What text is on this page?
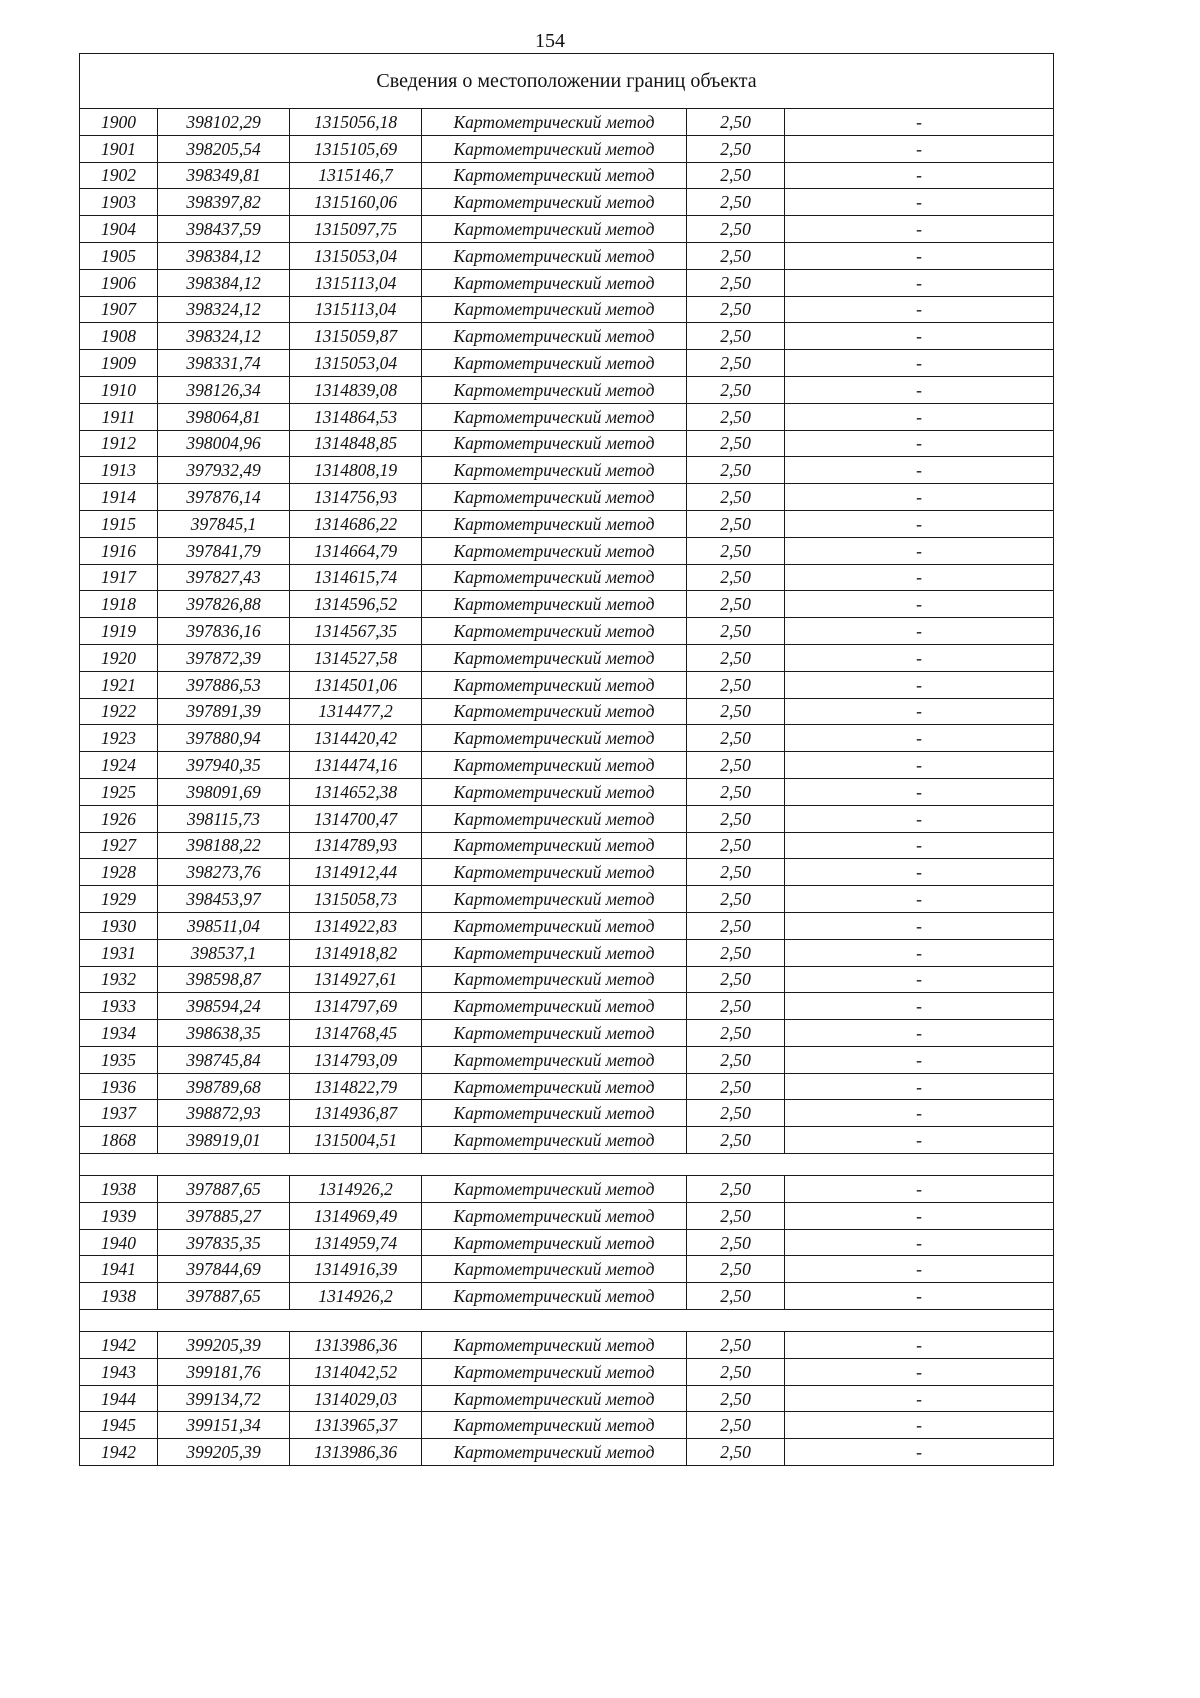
154
Сведения о местоположении границ объекта					
1900	398102,29	1315056,18	Картометрический метод	2,50	-
1901	398205,54	1315105,69	Картометрический метод	2,50	-
1902	398349,81	1315146,7	Картометрический метод	2,50	-
1903	398397,82	1315160,06	Картометрический метод	2,50	-
1904	398437,59	1315097,75	Картометрический метод	2,50	-
1905	398384,12	1315053,04	Картометрический метод	2,50	-
1906	398384,12	1315113,04	Картометрический метод	2,50	-
1907	398324,12	1315113,04	Картометрический метод	2,50	-
1908	398324,12	1315059,87	Картометрический метод	2,50	-
1909	398331,74	1315053,04	Картометрический метод	2,50	-
1910	398126,34	1314839,08	Картометрический метод	2,50	-
1911	398064,81	1314864,53	Картометрический метод	2,50	-
1912	398004,96	1314848,85	Картометрический метод	2,50	-
1913	397932,49	1314808,19	Картометрический метод	2,50	-
1914	397876,14	1314756,93	Картометрический метод	2,50	-
1915	397845,1	1314686,22	Картометрический метод	2,50	-
1916	397841,79	1314664,79	Картометрический метод	2,50	-
1917	397827,43	1314615,74	Картометрический метод	2,50	-
1918	397826,88	1314596,52	Картометрический метод	2,50	-
1919	397836,16	1314567,35	Картометрический метод	2,50	-
1920	397872,39	1314527,58	Картометрический метод	2,50	-
1921	397886,53	1314501,06	Картометрический метод	2,50	-
1922	397891,39	1314477,2	Картометрический метод	2,50	-
1923	397880,94	1314420,42	Картометрический метод	2,50	-
1924	397940,35	1314474,16	Картометрический метод	2,50	-
1925	398091,69	1314652,38	Картометрический метод	2,50	-
1926	398115,73	1314700,47	Картометрический метод	2,50	-
1927	398188,22	1314789,93	Картометрический метод	2,50	-
1928	398273,76	1314912,44	Картометрический метод	2,50	-
1929	398453,97	1315058,73	Картометрический метод	2,50	-
1930	398511,04	1314922,83	Картометрический метод	2,50	-
1931	398537,1	1314918,82	Картометрический метод	2,50	-
1932	398598,87	1314927,61	Картометрический метод	2,50	-
1933	398594,24	1314797,69	Картометрический метод	2,50	-
1934	398638,35	1314768,45	Картометрический метод	2,50	-
1935	398745,84	1314793,09	Картометрический метод	2,50	-
1936	398789,68	1314822,79	Картометрический метод	2,50	-
1937	398872,93	1314936,87	Картометрический метод	2,50	-
1868	398919,01	1315004,51	Картометрический метод	2,50	-

1938	397887,65	1314926,2	Картометрический метод	2,50	-
1939	397885,27	1314969,49	Картометрический метод	2,50	-
1940	397835,35	1314959,74	Картометрический метод	2,50	-
1941	397844,69	1314916,39	Картометрический метод	2,50	-
1938	397887,65	1314926,2	Картометрический метод	2,50	-

1942	399205,39	1313986,36	Картометрический метод	2,50	-
1943	399181,76	1314042,52	Картометрический метод	2,50	-
1944	399134,72	1314029,03	Картометрический метод	2,50	-
1945	399151,34	1313965,37	Картометрический метод	2,50	-
1942	399205,39	1313986,36	Картометрический метод	2,50	-
